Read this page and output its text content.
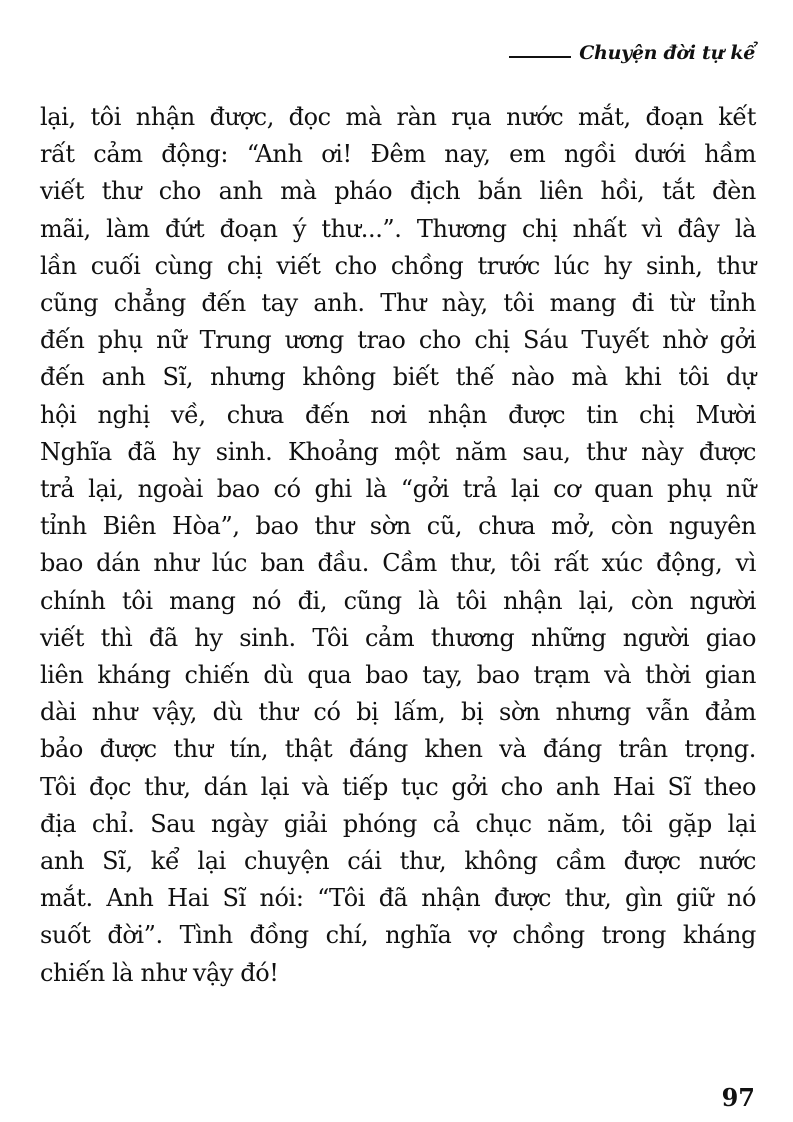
Chuyện đời tự kể
lại, tôi nhận được, đọc mà ràn rụa nước mắt, đoạn kết
rất cảm động: “Anh ơi! Đêm nay, em ngồi dưới hầm
viết thư cho anh mà pháo địch bắn liên hồi, tắt đèn
mãi, làm đứt đoạn ý thư...”. Thương chị nhất vì đây là
lần cuối cùng chị viết cho chồng trước lúc hy sinh, thư
cũng chẳng đến tay anh. Thư này, tôi mang đi từ tỉnh
đến phụ nữ Trung ương trao cho chị Sáu Tuyết nhờ gởi
đến anh Sĩ, nhưng không biết thế nào mà khi tôi dự
hội nghị về, chưa đến nơi nhận được tin chị Mười
Nghĩa đã hy sinh. Khoảng một năm sau, thư này được
trả lại, ngoài bao có ghi là “gởi trả lại cơ quan phụ nữ
tỉnh Biên Hòa”, bao thư sờn cũ, chưa mở, còn nguyên
bao dán như lúc ban đầu. Cầm thư, tôi rất xúc động, vì
chính tôi mang nó đi, cũng là tôi nhận lại, còn người
viết thì đã hy sinh. Tôi cảm thương những người giao
liên kháng chiến dù qua bao tay, bao trạm và thời gian
dài như vậy, dù thư có bị lấm, bị sờn nhưng vẫn đảm
bảo được thư tín, thật đáng khen và đáng trân trọng.
Tôi đọc thư, dán lại và tiếp tục gởi cho anh Hai Sĩ theo
địa chỉ. Sau ngày giải phóng cả chục năm, tôi gặp lại
anh Sĩ, kể lại chuyện cái thư, không cầm được nước
mắt. Anh Hai Sĩ nói: “Tôi đã nhận được thư, gìn giữ nó
suốt đời”. Tình đồng chí, nghĩa vợ chồng trong kháng
chiến là như vậy đó!
97
